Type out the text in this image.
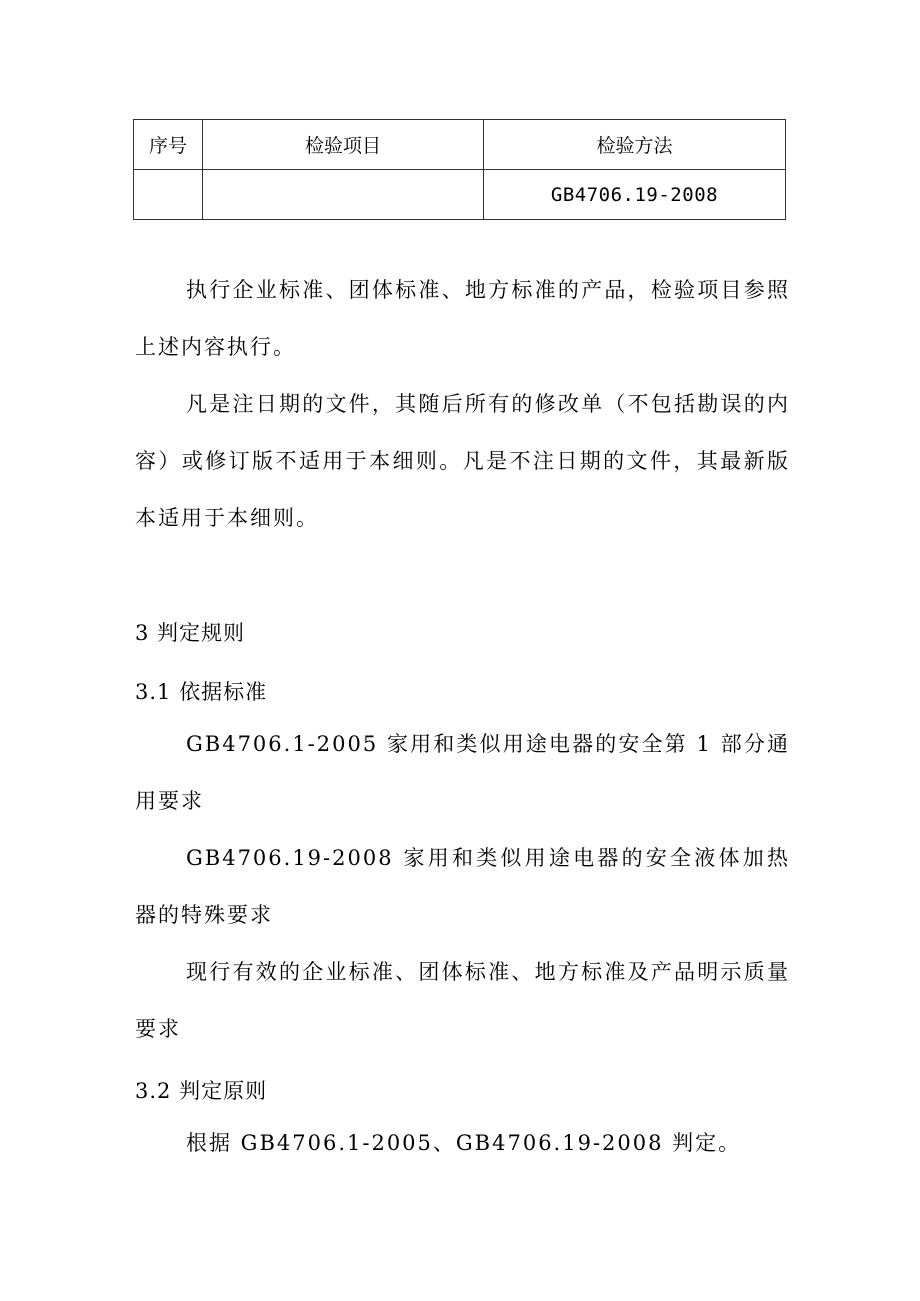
序号	检验项目	检验方法
		GB4706.19-2008

执行企业标准、团体标准、地方标准的产品，检验项目参照上述内容执行。

凡是注日期的文件，其随后所有的修改单（不包括勘误的内容）或修订版不适用于本细则。凡是不注日期的文件，其最新版本适用于本细则。

3 判定规则
3.1 依据标准

GB4706.1-2005 家用和类似用途电器的安全第 1 部分通用要求

GB4706.19-2008 家用和类似用途电器的安全液体加热器的特殊要求

现行有效的企业标准、团体标准、地方标准及产品明示质量要求

3.2 判定原则

根据 GB4706.1-2005、GB4706.19-2008 判定。
